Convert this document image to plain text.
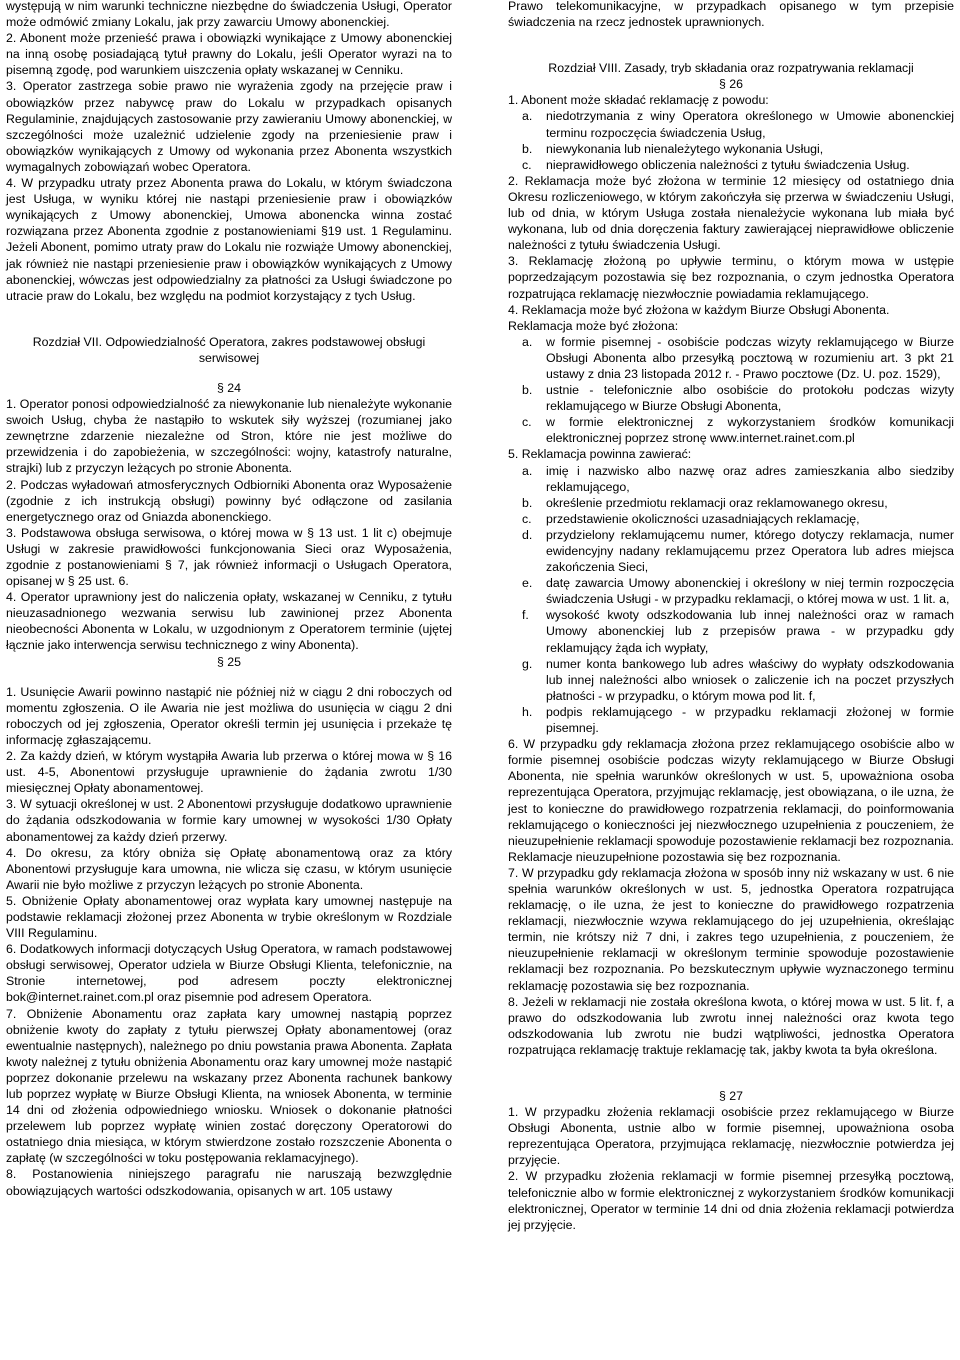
występują w nim warunki techniczne niezbędne do świadczenia Usługi, Operator może odmówić zmiany Lokalu, jak przy zawarciu Umowy abonenckiej.

2. Abonent może przenieść prawa i obowiązki wynikające z Umowy abonenckiej na inną osobę posiadającą tytuł prawny do Lokalu, jeśli Operator wyrazi na to pisemną zgodę, pod warunkiem uiszczenia opłaty wskazanej w Cenniku.

3. Operator zastrzega sobie prawo nie wyrażenia zgody na przejęcie praw i obowiązków przez nabywcę praw do Lokalu w przypadkach opisanych Regulaminie, znajdujących zastosowanie przy zawieraniu Umowy abonenckiej, w szczególności może uzależnić udzielenie zgody na przeniesienie praw i obowiązków wynikających z Umowy od wykonania przez Abonenta wszystkich wymagalnych zobowiązań wobec Operatora.

4. W przypadku utraty przez Abonenta prawa do Lokalu, w którym świadczona jest Usługa, w wyniku której nie nastąpi przeniesienie praw i obowiązków wynikających z Umowy abonenckiej, Umowa abonencka winna zostać rozwiązana przez Abonenta zgodnie z postanowieniami §19 ust. 1 Regulaminu. Jeżeli Abonent, pomimo utraty praw do Lokalu nie rozwiąże Umowy abonenckiej, jak również nie nastąpi przeniesienie praw i obowiązków wynikających z Umowy abonenckiej, wówczas jest odpowiedzialny za płatności za Usługi świadczone po utracie praw do Lokalu, bez względu na podmiot korzystający z tych Usług.

Rozdział VII. Odpowiedzialność Operatora, zakres podstawowej obsługi serwisowej

§ 24

1. Operator ponosi odpowiedzialność za niewykonanie lub nienależyte wykonanie swoich Usług, chyba że nastąpiło to wskutek siły wyższej (rozumianej jako zewnętrzne zdarzenie niezależne od Stron, które nie jest możliwe do przewidzenia i do zapobieżenia, w szczególności: wojny, katastrofy naturalne, strajki) lub z przyczyn leżących po stronie Abonenta.

2. Podczas wyładowań atmosferycznych Odbiorniki Abonenta oraz Wyposażenie (zgodnie z ich instrukcją obsługi) powinny być odłączone od zasilania energetycznego oraz od Gniazda abonenckiego.

3. Podstawowa obsługa serwisowa, o której mowa w § 13 ust. 1 lit c) obejmuje Usługi w zakresie prawidłowości funkcjonowania Sieci oraz Wyposażenia, zgodnie z postanowieniami § 7, jak również informacji o Usługach Operatora, opisanej w § 25 ust. 6.

4. Operator uprawniony jest do naliczenia opłaty, wskazanej w Cenniku, z tytułu nieuzasadnionego wezwania serwisu lub zawinionej przez Abonenta nieobecności Abonenta w Lokalu, w uzgodnionym z Operatorem terminie (ujętej łącznie jako interwencja serwisu technicznego z winy Abonenta).

§ 25

1. Usunięcie Awarii powinno nastąpić nie później niż w ciągu 2 dni roboczych od momentu zgłoszenia. O ile Awaria nie jest możliwa do usunięcia w ciągu 2 dni roboczych od jej zgłoszenia, Operator określi termin jej usunięcia i przekaże tę informację zgłaszającemu.

2. Za każdy dzień, w którym wystąpiła Awaria lub przerwa o której mowa w § 16 ust. 4-5, Abonentowi przysługuje uprawnienie do żądania zwrotu 1/30 miesięcznej Opłaty abonamentowej.

3. W sytuacji określonej w ust. 2 Abonentowi przysługuje dodatkowo uprawnienie do żądania odszkodowania w formie kary umownej w wysokości 1/30 Opłaty abonamentowej za każdy dzień przerwy.

4. Do okresu, za który obniża się Opłatę abonamentową oraz za który Abonentowi przysługuje kara umowna, nie wlicza się czasu, w którym usunięcie Awarii nie było możliwe z przyczyn leżących po stronie Abonenta.

5. Obniżenie Opłaty abonamentowej oraz wypłata kary umownej następuje na podstawie reklamacji złożonej przez Abonenta w trybie określonym w Rozdziale VIII Regulaminu.

6. Dodatkowych informacji dotyczących Usług Operatora, w ramach podstawowej obsługi serwisowej, Operator udziela w Biurze Obsługi Klienta, telefonicznie, na Stronie internetowej, pod adresem poczty elektronicznej bok@internet.rainet.com.pl oraz pisemnie pod adresem Operatora.

7. Obniżenie Abonamentu oraz zapłata kary umownej nastąpią poprzez obniżenie kwoty do zapłaty z tytułu pierwszej Opłaty abonamentowej (oraz ewentualnie następnych), należnego po dniu powstania prawa Abonenta. Zapłata kwoty należnej z tytułu obniżenia Abonamentu oraz kary umownej może nastąpić poprzez dokonanie przelewu na wskazany przez Abonenta rachunek bankowy lub poprzez wypłatę w Biurze Obsługi Klienta, na wniosek Abonenta, w terminie 14 dni od złożenia odpowiedniego wniosku. Wniosek o dokonanie płatności przelewem lub poprzez wypłatę winien zostać doręczony Operatorowi do ostatniego dnia miesiąca, w którym stwierdzone zostało rozszczenie Abonenta o zapłatę (w szczególności w toku postępowania reklamacyjnego).

8. Postanowienia niniejszego paragrafu nie naruszają bezwzględnie obowiązujących wartości odszkodowania, opisanych w art. 105 ustawy

Prawo telekomunikacyjne, w przypadkach opisanego w tym przepisie świadczenia na rzecz jednostek uprawnionych.

Rozdział VIII. Zasady, tryb składania oraz rozpatrywania reklamacji

§ 26

1. Abonent może składać reklamację z powodu:

a.	niedotrzymania z winy Operatora określonego w Umowie abonenckiej terminu rozpoczęcia świadczenia Usług,
b.	niewykonania lub nienależytego wykonania Usługi,
c.	nieprawidłowego obliczenia należności z tytułu świadczenia Usług.

2. Reklamacja może być złożona w terminie 12 miesięcy od ostatniego dnia Okresu rozliczeniowego, w którym zakończyła się przerwa w świadczeniu Usługi, lub od dnia, w którym Usługa została nienależycie wykonana lub miała być wykonana, lub od dnia doręczenia faktury zawierającej nieprawidłowe obliczenie należności z tytułu świadczenia Usługi.

3. Reklamację złożoną po upływie terminu, o którym mowa w ustępie poprzedzającym pozostawia się bez rozpoznania, o czym jednostka Operatora rozpatrująca reklamację niezwłocznie powiadamia reklamującego.

4. Reklamacja może być złożona w każdym Biurze Obsługi Abonenta.

Reklamacja może być złożona:

a.	w formie pisemnej - osobiście podczas wizyty reklamującego w Biurze Obsługi Abonenta albo przesyłką pocztową w rozumieniu art. 3 pkt 21 ustawy z dnia 23 listopada 2012 r. - Prawo pocztowe (Dz. U. poz. 1529),
b.	ustnie - telefonicznie albo osobiście do protokołu podczas wizyty reklamującego w Biurze Obsługi Abonenta,
c.	w formie elektronicznej z wykorzystaniem środków komunikacji elektronicznej poprzez stronę www.internet.rainet.com.pl

5. Reklamacja powinna zawierać:

a.	imię i nazwisko albo nazwę oraz adres zamieszkania albo siedziby reklamującego,
b.	określenie przedmiotu reklamacji oraz reklamowanego okresu,
c.	przedstawienie okoliczności uzasadniających reklamację,
d.	przydzielony reklamującemu numer, którego dotyczy reklamacja, numer ewidencyjny nadany reklamującemu przez Operatora lub adres miejsca zakończenia Sieci,
e.	datę zawarcia Umowy abonenckiej i określony w niej termin rozpoczęcia świadczenia Usługi - w przypadku reklamacji, o której mowa w ust. 1 lit. a,
f.	wysokość kwoty odszkodowania lub innej należności oraz w ramach Umowy abonenckiej lub z przepisów prawa - w przypadku gdy reklamujący żąda ich wypłaty,
g.	numer konta bankowego lub adres właściwy do wypłaty odszkodowania lub innej należności albo wniosek o zaliczenie ich na poczet przyszłych płatności - w przypadku, o którym mowa pod lit. f,
h.	podpis reklamującego - w przypadku reklamacji złożonej w formie pisemnej.

6. W przypadku gdy reklamacja złożona przez reklamującego osobiście albo w formie pisemnej osobiście podczas wizyty reklamującego w Biurze Obsługi Abonenta, nie spełnia warunków określonych w ust. 5, upoważniona osoba reprezentująca Operatora, przyjmując reklamację, jest obowiązana, o ile uzna, że jest to konieczne do prawidłowego rozpatrzenia reklamacji, do poinformowania reklamującego o konieczności jej niezwłocznego uzupełnienia z pouczeniem, że nieuzupełnienie reklamacji spowoduje pozostawienie reklamacji bez rozpoznania. Reklamacje nieuzupełnione pozostawia się bez rozpoznania.

7. W przypadku gdy reklamacja złożona w sposób inny niż wskazany w ust. 6 nie spełnia warunków określonych w ust. 5, jednostka Operatora rozpatrująca reklamację, o ile uzna, że jest to konieczne do prawidłowego rozpatrzenia reklamacji, niezwłocznie wzywa reklamującego do jej uzupełnienia, określając termin, nie krótszy niż 7 dni, i zakres tego uzupełnienia, z pouczeniem, że nieuzupełnienie reklamacji w określonym terminie spowoduje pozostawienie reklamacji bez rozpoznania. Po bezskutecznym upływie wyznaczonego terminu reklamację pozostawia się bez rozpoznania.

8. Jeżeli w reklamacji nie została określona kwota, o której mowa w ust. 5 lit. f, a prawo do odszkodowania lub zwrotu innej należności oraz kwota tego odszkodowania lub zwrotu nie budzi wątpliwości, jednostka Operatora rozpatrująca reklamację traktuje reklamację tak, jakby kwota ta była określona.

§ 27

1. W przypadku złożenia reklamacji osobiście przez reklamującego w Biurze Obsługi Abonenta, ustnie albo w formie pisemnej, upoważniona osoba reprezentująca Operatora, przyjmująca reklamację, niezwłocznie potwierdza jej przyjęcie.

2. W przypadku złożenia reklamacji w formie pisemnej przesyłką pocztową, telefonicznie albo w formie elektronicznej z wykorzystaniem środków komunikacji elektronicznej, Operator w terminie 14 dni od dnia złożenia reklamacji potwierdza jej przyjęcie.
